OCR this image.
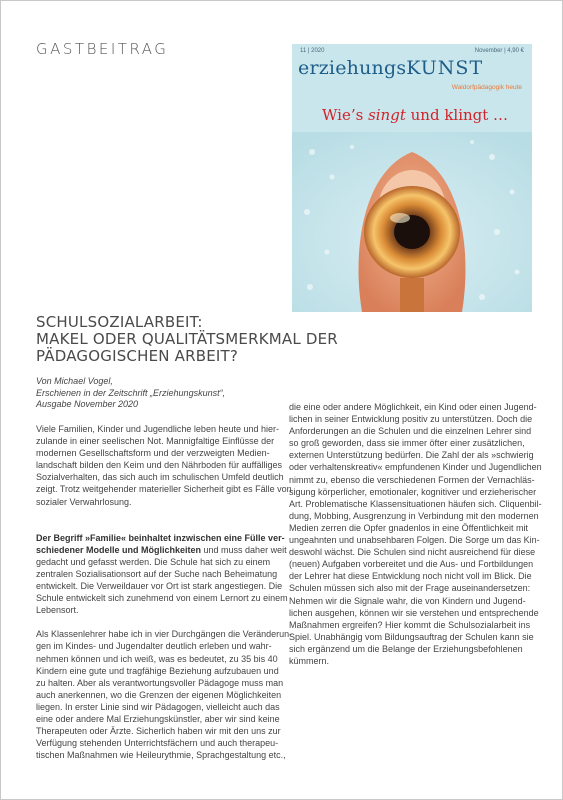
GASTBEITRAG	11 | 2020	November | 4,90 €
erziehungsKUNST
Waldorfpädagogik heute
Wie’s singt und klingt …
SCHULSOZIALARBEIT:
MAKEL ODER QUALITÄTSMERKMAL DER
PÄDAGOGISCHEN ARBEIT?
Von Michael Vogel,
Erschienen in der Zeitschrift „Erziehungskunst“,
Ausgabe November 2020
Viele Familien, Kinder und Jugendliche leben heute und hier-
zulande in einer seelischen Not. Mannigfaltige Einflüsse der
modernen Gesellschaftsform und der verzweigten Medien-
landschaft bilden den Keim und den Nährboden für auffälliges
Sozialverhalten, das sich auch im schulischen Umfeld deutlich
zeigt. Trotz weitgehender materieller Sicherheit gibt es Fälle von
sozialer Verwahrlosung.
Der Begriff »Familie« beinhaltet inzwischen eine Fülle ver-
schiedener Modelle und Möglichkeiten und muss daher weit
gedacht und gefasst werden. Die Schule hat sich zu einem
zentralen Sozialisationsort auf der Suche nach Beheimatung
entwickelt. Die Verweildauer vor Ort ist stark angestiegen. Die
Schule entwickelt sich zunehmend von einem Lernort zu einem
Lebensort.
Als Klassenlehrer habe ich in vier Durchgängen die Veränderun-
gen im Kindes- und Jugendalter deutlich erleben und wahr-
nehmen können und ich weiß, was es bedeutet, zu 35 bis 40
Kindern eine gute und tragfähige Beziehung aufzubauen und
zu halten. Aber als verantwortungsvoller Pädagoge muss man
auch anerkennen, wo die Grenzen der eigenen Möglichkeiten
liegen. In erster Linie sind wir Pädagogen, vielleicht auch das
eine oder andere Mal Erziehungskünstler, aber wir sind keine
Therapeuten oder Ärzte. Sicherlich haben wir mit den uns zur
Verfügung stehenden Unterrichtsfächern und auch therapeu-
tischen Maßnahmen wie Heileurythmie, Sprachgestaltung etc.,
die eine oder andere Möglichkeit, ein Kind oder einen Jugend-
lichen in seiner Entwicklung positiv zu unterstützen. Doch die
Anforderungen an die Schulen und die einzelnen Lehrer sind
so groß geworden, dass sie immer öfter einer zusätzlichen,
externen Unterstützung bedürfen. Die Zahl der als »schwierig
oder verhaltenskreativ« empfundenen Kinder und Jugendlichen
nimmt zu, ebenso die verschiedenen Formen der Vernachläs-
sigung körperlicher, emotionaler, kognitiver und erzieherischer
Art. Problematische Klassensituationen häufen sich. Cliquenbil-
dung, Mobbing, Ausgrenzung in Verbindung mit den modernen
Medien zerren die Opfer gnadenlos in eine Öffentlichkeit mit
ungeahnten und unabsehbaren Folgen. Die Sorge um das Kin-
deswohl wächst. Die Schulen sind nicht ausreichend für diese
(neuen) Aufgaben vorbereitet und die Aus- und Fortbildungen
der Lehrer hat diese Entwicklung noch nicht voll im Blick. Die
Schulen müssen sich also mit der Frage auseinandersetzen:
Nehmen wir die Signale wahr, die von Kindern und Jugend-
lichen ausgehen, können wir sie verstehen und entsprechende
Maßnahmen ergreifen? Hier kommt die Schulsozialarbeit ins
Spiel. Unabhängig vom Bildungsauftrag der Schulen kann sie
sich ergänzend um die Belange der Erziehungsbefohlenen
kümmern.
